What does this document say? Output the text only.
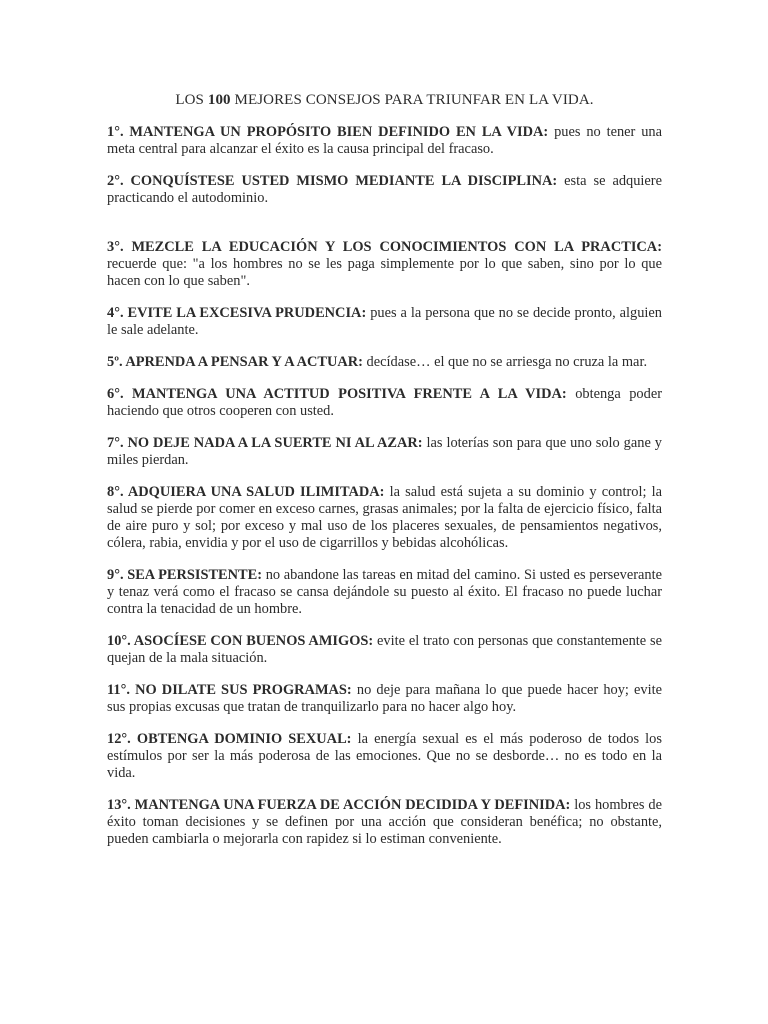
LOS 100 MEJORES CONSEJOS PARA TRIUNFAR EN LA VIDA.

1°. MANTENGA UN PROPÓSITO BIEN DEFINIDO EN LA VIDA: pues no tener una meta central para alcanzar el éxito es la causa principal del fracaso.

2°. CONQUÍSTESE USTED MISMO MEDIANTE LA DISCIPLINA: esta se adquiere practicando el autodominio.

3°. MEZCLE LA EDUCACIÓN Y LOS CONOCIMIENTOS CON LA PRACTICA: recuerde que: "a los hombres no se les paga simplemente por lo que saben, sino por lo que hacen con lo que saben".

4°. EVITE LA EXCESIVA PRUDENCIA: pues a la persona que no se decide pronto, alguien le sale adelante.

5º. APRENDA A PENSAR Y A ACTUAR: decídase… el que no se arriesga no cruza la mar.

6°. MANTENGA UNA ACTITUD POSITIVA FRENTE A LA VIDA: obtenga poder haciendo que otros cooperen con usted.

7°. NO DEJE NADA A LA SUERTE NI AL AZAR: las loterías son para que uno solo gane y miles pierdan.

8°. ADQUIERA UNA SALUD ILIMITADA: la salud está sujeta a su dominio y control; la salud se pierde por comer en exceso carnes, grasas animales; por la falta de ejercicio físico, falta de aire puro y sol; por exceso y mal uso de los placeres sexuales, de pensamientos negativos, cólera, rabia, envidia y por el uso de cigarrillos y bebidas alcohólicas.

9°. SEA PERSISTENTE: no abandone las tareas en mitad del camino. Si usted es perseverante y tenaz verá como el fracaso se cansa dejándole su puesto al éxito. El fracaso no puede luchar contra la tenacidad de un hombre.

10°. ASOCÍESE CON BUENOS AMIGOS: evite el trato con personas que constantemente se quejan de la mala situación.

11°. NO DILATE SUS PROGRAMAS: no deje para mañana lo que puede hacer hoy; evite sus propias excusas que tratan de tranquilizarlo para no hacer algo hoy.

12°. OBTENGA DOMINIO SEXUAL: la energía sexual es el más poderoso de todos los estímulos por ser la más poderosa de las emociones. Que no se desborde… no es todo en la vida.

13°. MANTENGA UNA FUERZA DE ACCIÓN DECIDIDA Y DEFINIDA: los hombres de éxito toman decisiones y se definen por una acción que consideran benéfica; no obstante, pueden cambiarla o mejorarla con rapidez si lo estiman conveniente.
